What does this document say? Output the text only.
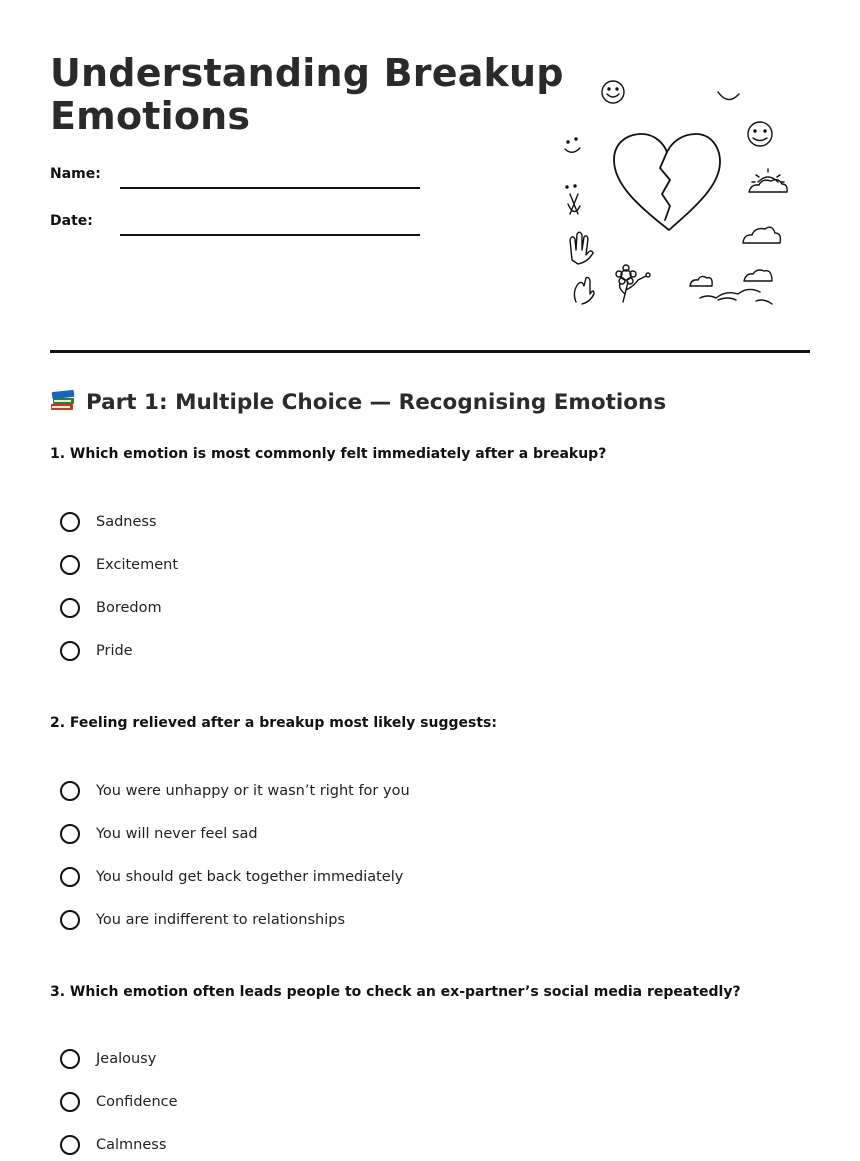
Understanding Breakup
Emotions
Name:
Date:
Part 1: Multiple Choice — Recognising Emotions

1. Which emotion is most commonly felt immediately after a breakup?

Sadness
Excitement
Boredom
Pride

2. Feeling relieved after a breakup most likely suggests:

You were unhappy or it wasn’t right for you
You will never feel sad
You should get back together immediately
You are indifferent to relationships

3. Which emotion often leads people to check an ex-partner’s social media repeatedly?

Jealousy
Confidence
Calmness
